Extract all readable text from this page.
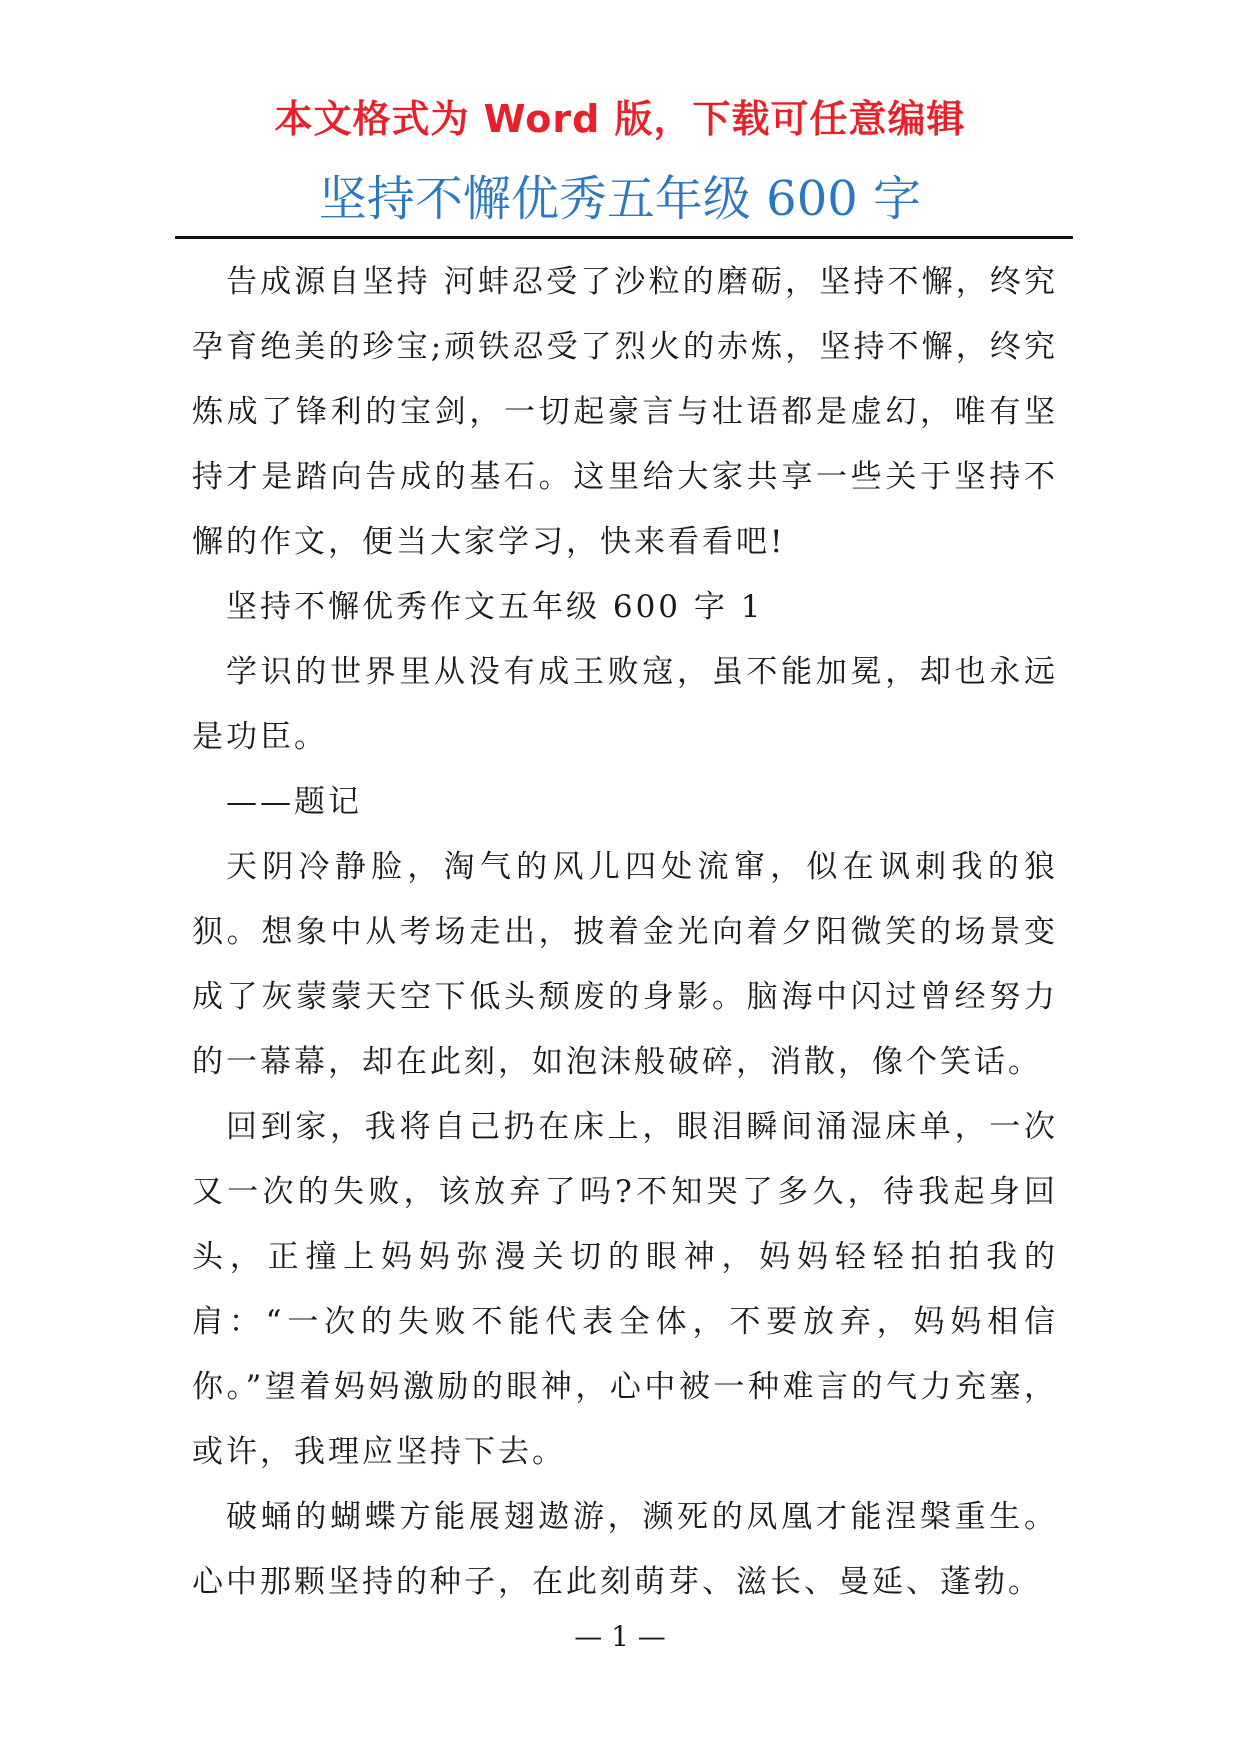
本文格式为 Word 版，下载可任意编辑
坚持不懈优秀五年级 600 字

告成源自坚持 河蚌忍受了沙粒的磨砺，坚持不懈，终究孕育绝美的珍宝;顽铁忍受了烈火的赤炼，坚持不懈，终究炼成了锋利的宝剑，一切起豪言与壮语都是虚幻，唯有坚持才是踏向告成的基石。这里给大家共享一些关于坚持不懈的作文，便当大家学习，快来看看吧!

坚持不懈优秀作文五年级 600 字 1

学识的世界里从没有成王败寇，虽不能加冕，却也永远是功臣。

——题记

天阴冷静脸，淘气的风儿四处流窜，似在讽刺我的狼狈。想象中从考场走出，披着金光向着夕阳微笑的场景变成了灰蒙蒙天空下低头颓废的身影。脑海中闪过曾经努力的一幕幕，却在此刻，如泡沫般破碎，消散，像个笑话。

回到家，我将自己扔在床上，眼泪瞬间涌湿床单，一次又一次的失败，该放弃了吗?不知哭了多久，待我起身回头，正撞上妈妈弥漫关切的眼神，妈妈轻轻拍拍我的肩：“一次的失败不能代表全体，不要放弃，妈妈相信你。”望着妈妈激励的眼神，心中被一种难言的气力充塞，或许，我理应坚持下去。

破蛹的蝴蝶方能展翅遨游，濒死的凤凰才能涅槃重生。心中那颗坚持的种子，在此刻萌芽、滋长、曼延、蓬勃。

— 1 —
